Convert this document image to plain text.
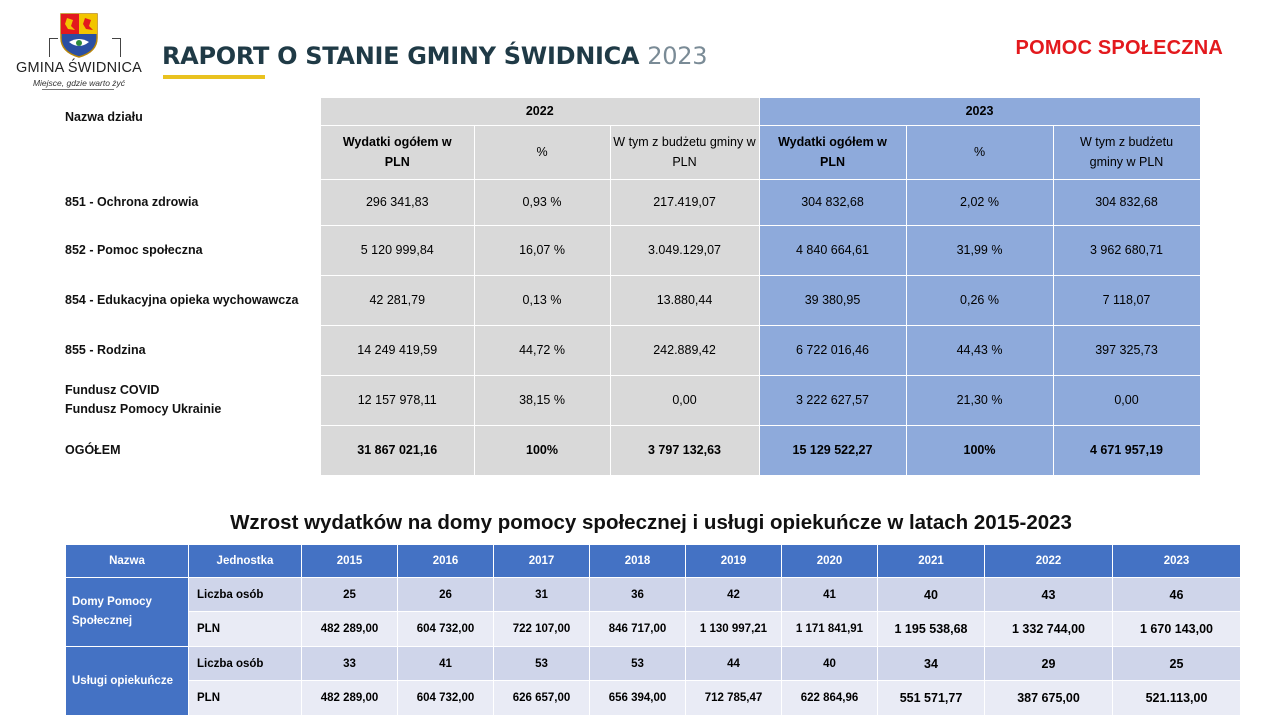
GMINA ŚWIDNICA
Miejsce, gdzie warto żyć
RAPORT O STANIE GMINY ŚWIDNICA 2023	POMOC SPOŁECZNA
Nazwa działu	2022			2023		
	Wydatki ogółem w PLN	%	W tym z budżetu gminy w PLN	Wydatki ogółem w PLN	%	W tym z budżetu gminy w PLN

851 - Ochrona zdrowia	296 341,83	0,93 %	217.419,07	304 832,68	2,02 %	304 832,68

852 - Pomoc społeczna	5 120 999,84	16,07 %	3.049.129,07	4 840 664,61	31,99 %	3 962 680,71

854 - Edukacyjna opieka wychowawcza	42 281,79	0,13 %	13.880,44	39 380,95	0,26 %	7 118,07

855 - Rodzina	14 249 419,59	44,72 %	242.889,42	6 722 016,46	44,43 %	397 325,73

Fundusz COVID
Fundusz Pomocy Ukrainie	12 157 978,11	38,15 %	0,00	3 222 627,57	21,30 %	0,00

OGÓŁEM	31 867 021,16	100%	3 797 132,63	15 129 522,27	100%	4 671 957,19
Wzrost wydatków na domy pomocy społecznej i usługi opiekuńcze w latach 2015-2023
Nazwa	Jednostka	2015	2016	2017	2018	2019	2020	2021	2022	2023
Domy Pomocy Społecznej	Liczba osób	25	26	31	36	42	41	40	43	46
	PLN	482 289,00	604 732,00	722 107,00	846 717,00	1 130 997,21	1 171 841,91	1 195 538,68	1 332 744,00	1 670 143,00
Usługi opiekuńcze	Liczba osób	33	41	53	53	44	40	34	29	25
	PLN	482 289,00	604 732,00	626 657,00	656 394,00	712 785,47	622 864,96	551 571,77	387 675,00	521.113,00
